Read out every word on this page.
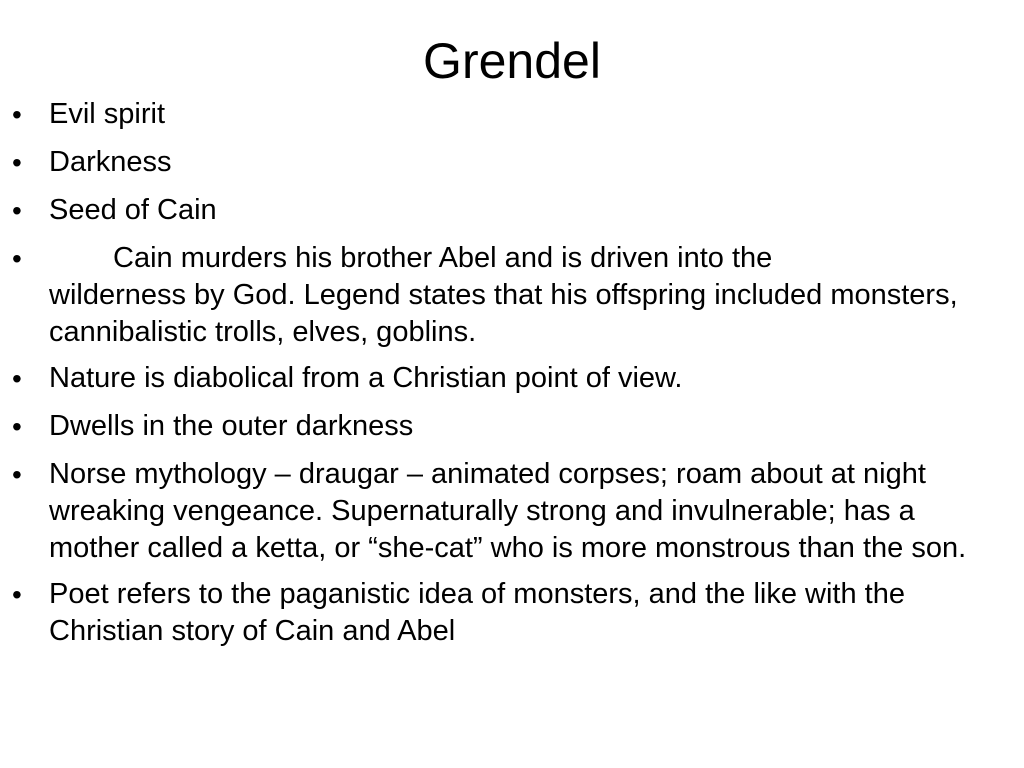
Grendel
• Evil spirit
• Darkness
• Seed of Cain
•	Cain murders his brother Abel and is driven into the
wilderness by God. Legend states that his offspring included monsters, cannibalistic trolls, elves, goblins.
• Nature is diabolical from a Christian point of view.
• Dwells in the outer darkness
• Norse mythology – draugar – animated corpses; roam about at night wreaking vengeance. Supernaturally strong and invulnerable; has a mother called a ketta, or “she-cat” who is more monstrous than the son.
• Poet refers to the paganistic idea of monsters, and the like with the Christian story of Cain and Abel
